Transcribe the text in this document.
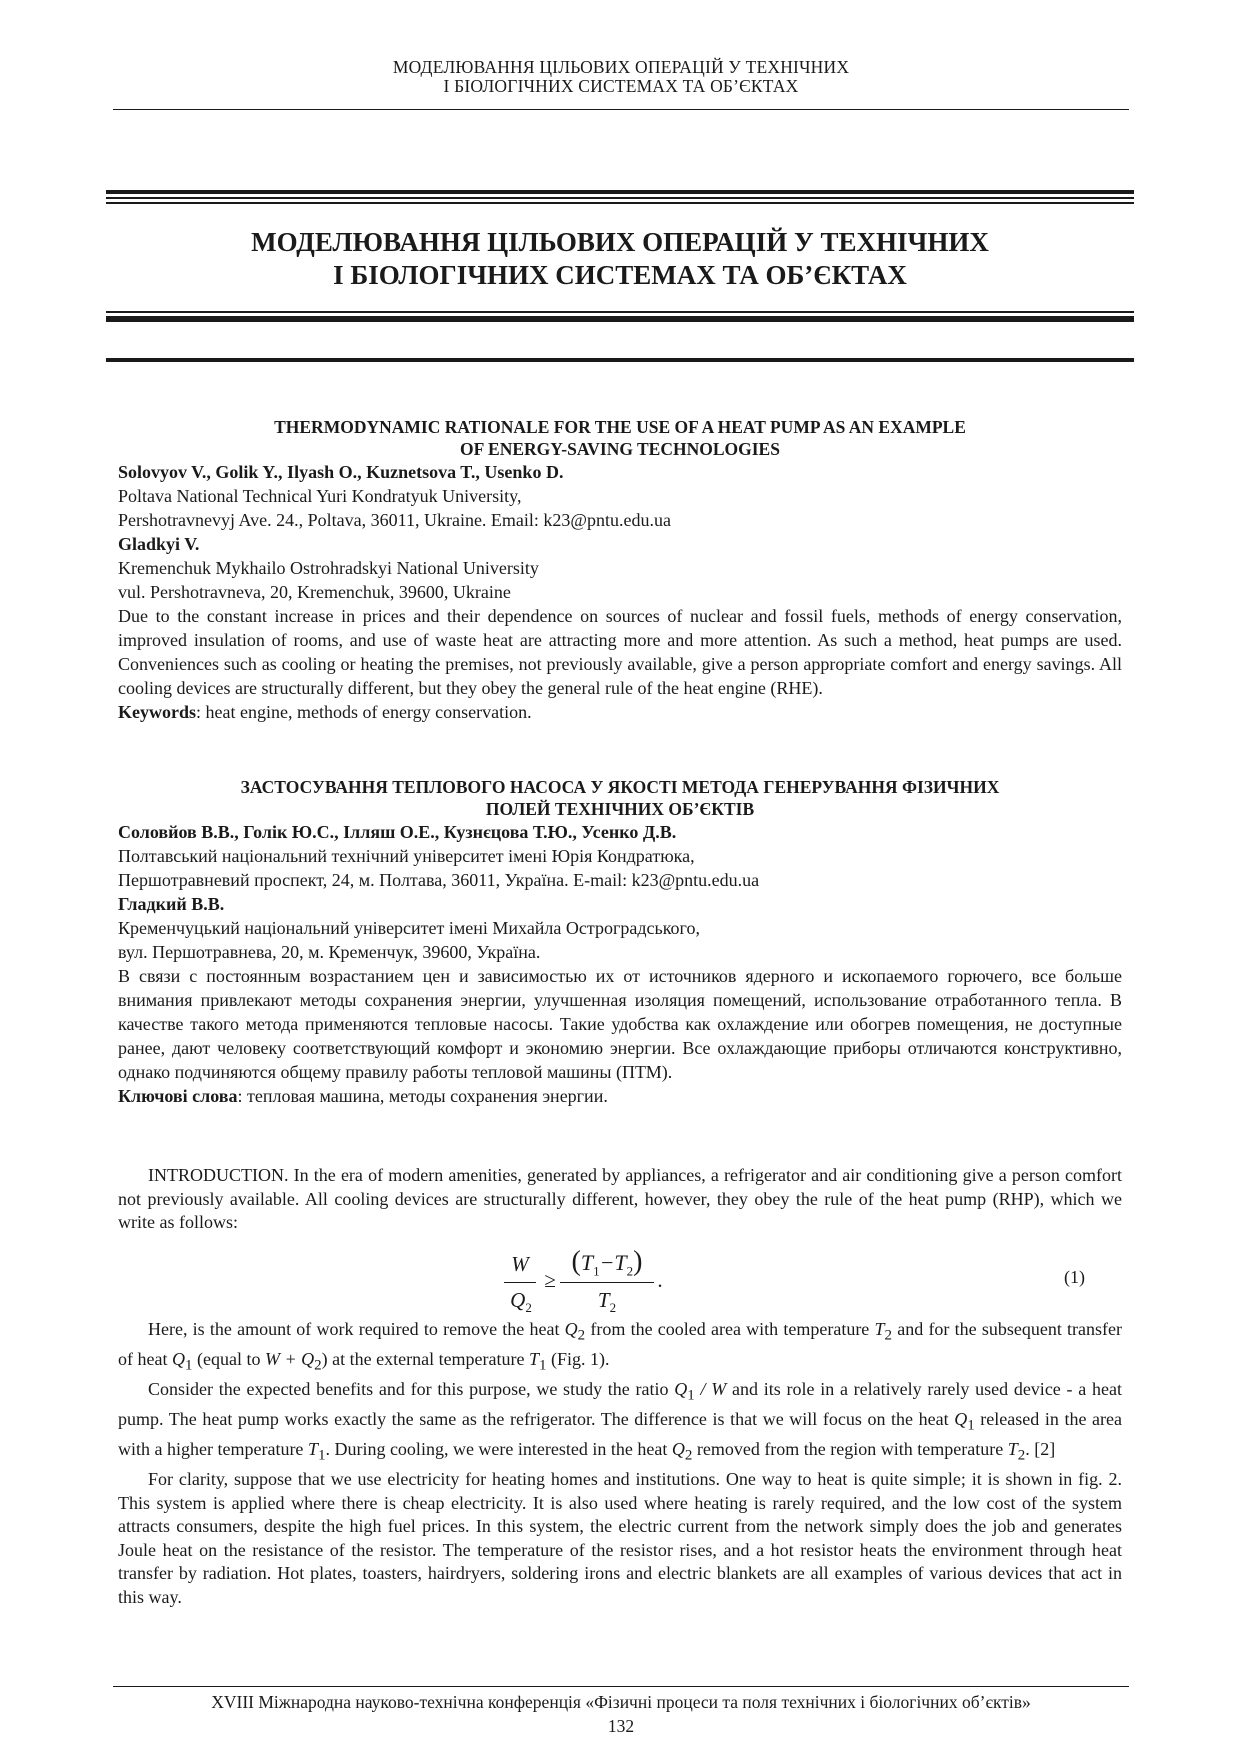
МОДЕЛЮВАННЯ ЦІЛЬОВИХ ОПЕРАЦІЙ У ТЕХНІЧНИХ
І БІОЛОГІЧНИХ СИСТЕМАХ ТА ОБ’ЄКТАХ
МОДЕЛЮВАННЯ ЦІЛЬОВИХ ОПЕРАЦІЙ У ТЕХНІЧНИХ
І БІОЛОГІЧНИХ СИСТЕМАХ ТА ОБ’ЄКТАХ
THERMODYNAMIC RATIONALE FOR THE USE OF A HEAT PUMP AS AN EXAMPLE
OF ENERGY-SAVING TECHNOLOGIES

Solovyov V., Golik Y., Ilyash O., Kuznetsova T., Usenko D.

Poltava National Technical Yuri Kondratyuk University,

Pershotravnevyj Ave. 24., Poltava, 36011, Ukraine. Email: k23@pntu.edu.ua

Gladkyi V.

Kremenchuk Mykhailo Ostrohradskyi National University

vul. Pershotravneva, 20, Kremenchuk, 39600, Ukraine

Due to the constant increase in prices and their dependence on sources of nuclear and fossil fuels, methods of energy conservation, improved insulation of rooms, and use of waste heat are attracting more and more attention. As such a method, heat pumps are used. Conveniences such as cooling or heating the premises, not previously available, give a person appropriate comfort and energy savings. All cooling devices are structurally different, but they obey the general rule of the heat engine (RHE).

Keywords: heat engine, methods of energy conservation.

ЗАСТОСУВАННЯ ТЕПЛОВОГО НАСОСА У ЯКОСТІ МЕТОДА ГЕНЕРУВАННЯ ФІЗИЧНИХ
ПОЛЕЙ ТЕХНІЧНИХ ОБ’ЄКТІВ

Соловйов В.В., Голік Ю.С., Ілляш О.Е., Кузнєцова Т.Ю., Усенко Д.В.

Полтавський національний технічний університет імені Юрія Кондратюка,

Першотравневий проспект, 24, м. Полтава, 36011, Україна. E-mail: k23@pntu.edu.ua

Гладкий В.В.

Кременчуцький національний університет імені Михайла Остроградського,

вул. Першотравнева, 20, м. Кременчук, 39600, Україна.

В связи с постоянным возрастанием цен и зависимостью их от источников ядерного и ископаемого горючего, все больше внимания привлекают методы сохранения энергии, улучшенная изоляция помещений, использование отработанного тепла. В качестве такого метода применяются тепловые насосы. Такие удобства как охлаждение или обогрев помещения, не доступные ранее, дают человеку соответствующий комфорт и экономию энергии. Все охлаждающие приборы отличаются конструктивно, однако подчиняются общему правилу работы тепловой машины (ПТМ).

Ключові слова: тепловая машина, методы сохранения энергии.

INTRODUCTION. In the era of modern amenities, generated by appliances, a refrigerator and air conditioning give a person comfort not previously available. All cooling devices are structurally different, however, they obey the rule of the heat pump (RHP), which we write as follows:

W
$Q_2$
≥
$(T_1-T_2)$
$T_2$
.	(1)

Here, is the amount of work required to remove the heat $Q_2$ from the cooled area with temperature $T_2$ and for the subsequent transfer of heat $Q_1$ (equal to $W + Q_2$) at the external temperature $T_1$ (Fig. 1).

Consider the expected benefits and for this purpose, we study the ratio $Q_1$ / W and its role in a relatively rarely used device - a heat pump. The heat pump works exactly the same as the refrigerator. The difference is that we will focus on the heat $Q_1$ released in the area with a higher temperature $T_1$. During cooling, we were interested in the heat $Q_2$ removed from the region with temperature $T_2$. [2]

For clarity, suppose that we use electricity for heating homes and institutions. One way to heat is quite simple; it is shown in fig. 2. This system is applied where there is cheap electricity. It is also used where heating is rarely required, and the low cost of the system attracts consumers, despite the high fuel prices. In this system, the electric current from the network simply does the job and generates Joule heat on the resistance of the resistor. The temperature of the resistor rises, and a hot resistor heats the environment through heat transfer by radiation. Hot plates, toasters, hairdryers, soldering irons and electric blankets are all examples of various devices that act in this way.

XVIII Міжнародна науково-технічна конференція «Фізичні процеси та поля технічних і біологічних об’єктів»
132
